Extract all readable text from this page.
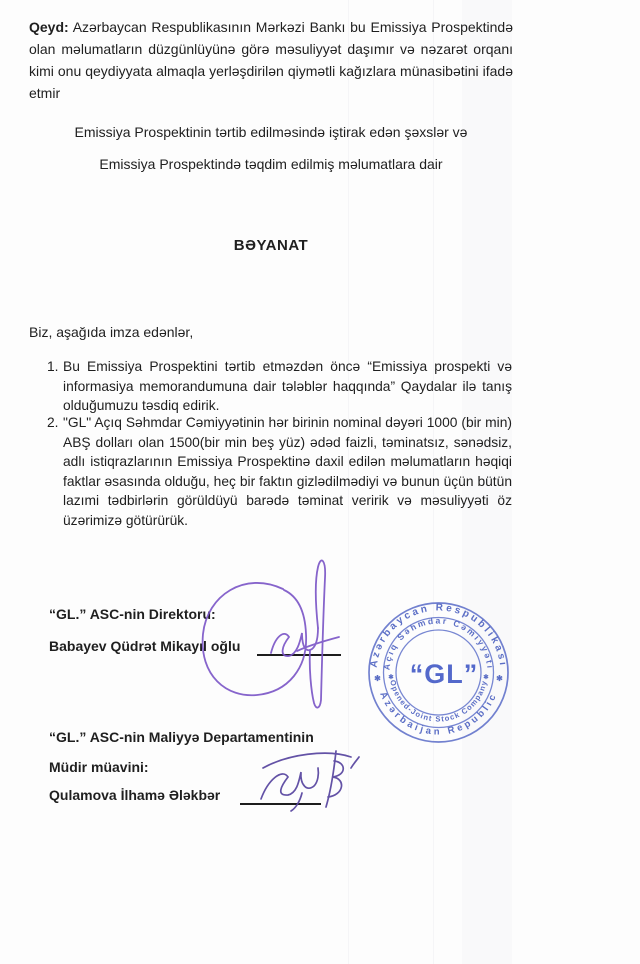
Qeyd: Azərbaycan Respublikasının Mərkəzi Bankı bu Emissiya Prospektində olan məlumatların düzgünlüyünə görə məsuliyyət daşımır və nəzarət orqanı kimi onu qeydiyyata almaqla yerləşdirilən qiymətli kağızlara münasibətini ifadə etmir

Emissiya Prospektinin tərtib edilməsində iştirak edən şəxslər və
Emissiya Prospektində təqdim edilmiş məlumatlara dair
BƏYANAT
Biz, aşağıda imza edənlər,
1. Bu Emissiya Prospektini tərtib etməzdən öncə “Emissiya prospekti və informasiya memorandumuna dair tələblər haqqında” Qaydalar ilə tanış olduğumuzu təsdiq edirik.
2. "GL" Açıq Səhmdar Cəmiyyətinin hər birinin nominal dəyəri 1000 (bir min) ABŞ dolları olan 1500(bir min beş yüz) ədəd faizli, təminatsız, sənədsiz, adlı istiqrazlarının Emissiya Prospektinə daxil edilən məlumatların həqiqi faktlar əsasında olduğu, heç bir faktın gizlədilmədiyi və bunun üçün bütün lazımi tədbirlərin görüldüyü barədə təminat veririk və məsuliyyəti öz üzərimizə götürürük.
“GL.” ASC-nin Direktoru:
Babayev Qüdrət Mikayıl oğlu
“GL.” ASC-nin Maliyyə Departamentinin
Müdir müavini:
Qulamova İlhamə Ələkbər
Azərbaycan Respublikası
Azərbaijan Republic
Açıq Səhmdar Cəmiyyəti
Opened-Joint Stock Company
✱	✱
✱	✱
“GL”
